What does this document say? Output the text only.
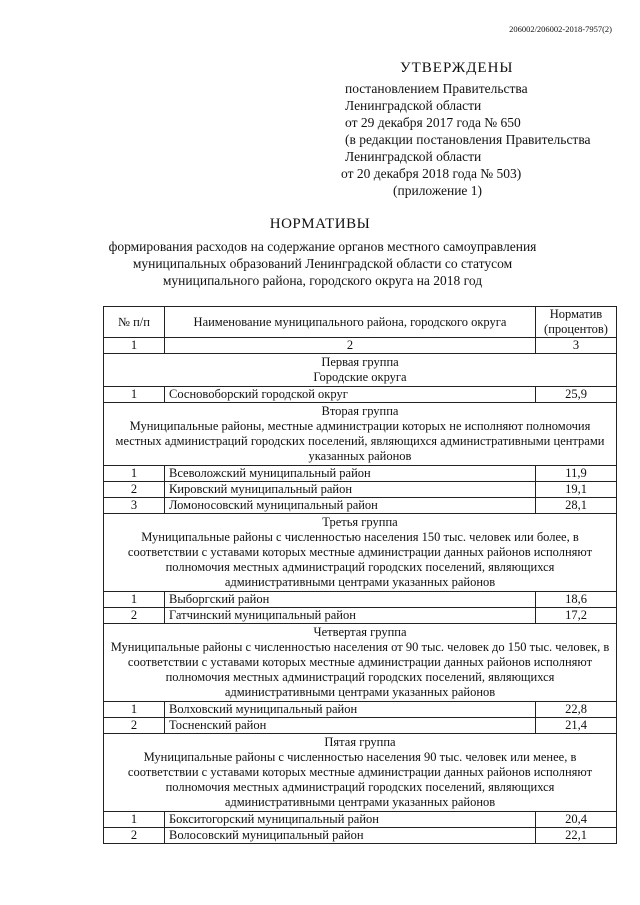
206002/206002-2018-7957(2)
УТВЕРЖДЕНЫ
постановлением Правительства
Ленинградской области
от 29 декабря 2017 года № 650
(в редакции постановления Правительства
Ленинградской области
от 20 декабря 2018 года № 503)
(приложение 1)
НОРМАТИВЫ
формирования расходов на содержание органов местного самоуправления муниципальных образований Ленинградской области со статусом муниципального района, городского округа на 2018 год
№ п/п	Наименование муниципального района, городского округа	Норматив (процентов)
1	2	3

Первая группа
Городские округа		

1	Сосновоборский городской округ	25,9

Вторая группа
Муниципальные районы, местные администрации которых не исполняют полномочия местных администраций городских поселений, являющихся административными центрами указанных районов		

1	Всеволожский муниципальный район	11,9
2	Кировский муниципальный район	19,1
3	Ломоносовский муниципальный район	28,1

Третья группа
Муниципальные районы с численностью населения 150 тыс. человек или более, в соответствии с уставами которых местные администрации данных районов исполняют полномочия местных администраций городских поселений, являющихся административными центрами указанных районов		

1	Выборгский район	18,6
2	Гатчинский муниципальный район	17,2

Четвертая группа
Муниципальные районы с численностью населения от 90 тыс. человек до 150 тыс. человек, в соответствии с уставами которых местные администрации данных районов исполняют полномочия местных администраций городских поселений, являющихся административными центрами указанных районов		

1	Волховский муниципальный район	22,8
2	Тосненский район	21,4

Пятая группа
Муниципальные районы с численностью населения 90 тыс. человек или менее, в соответствии с уставами которых местные администрации данных районов исполняют полномочия местных администраций городских поселений, являющихся административными центрами указанных районов		

1	Бокситогорский муниципальный район	20,4
2	Волосовский муниципальный район	22,1
